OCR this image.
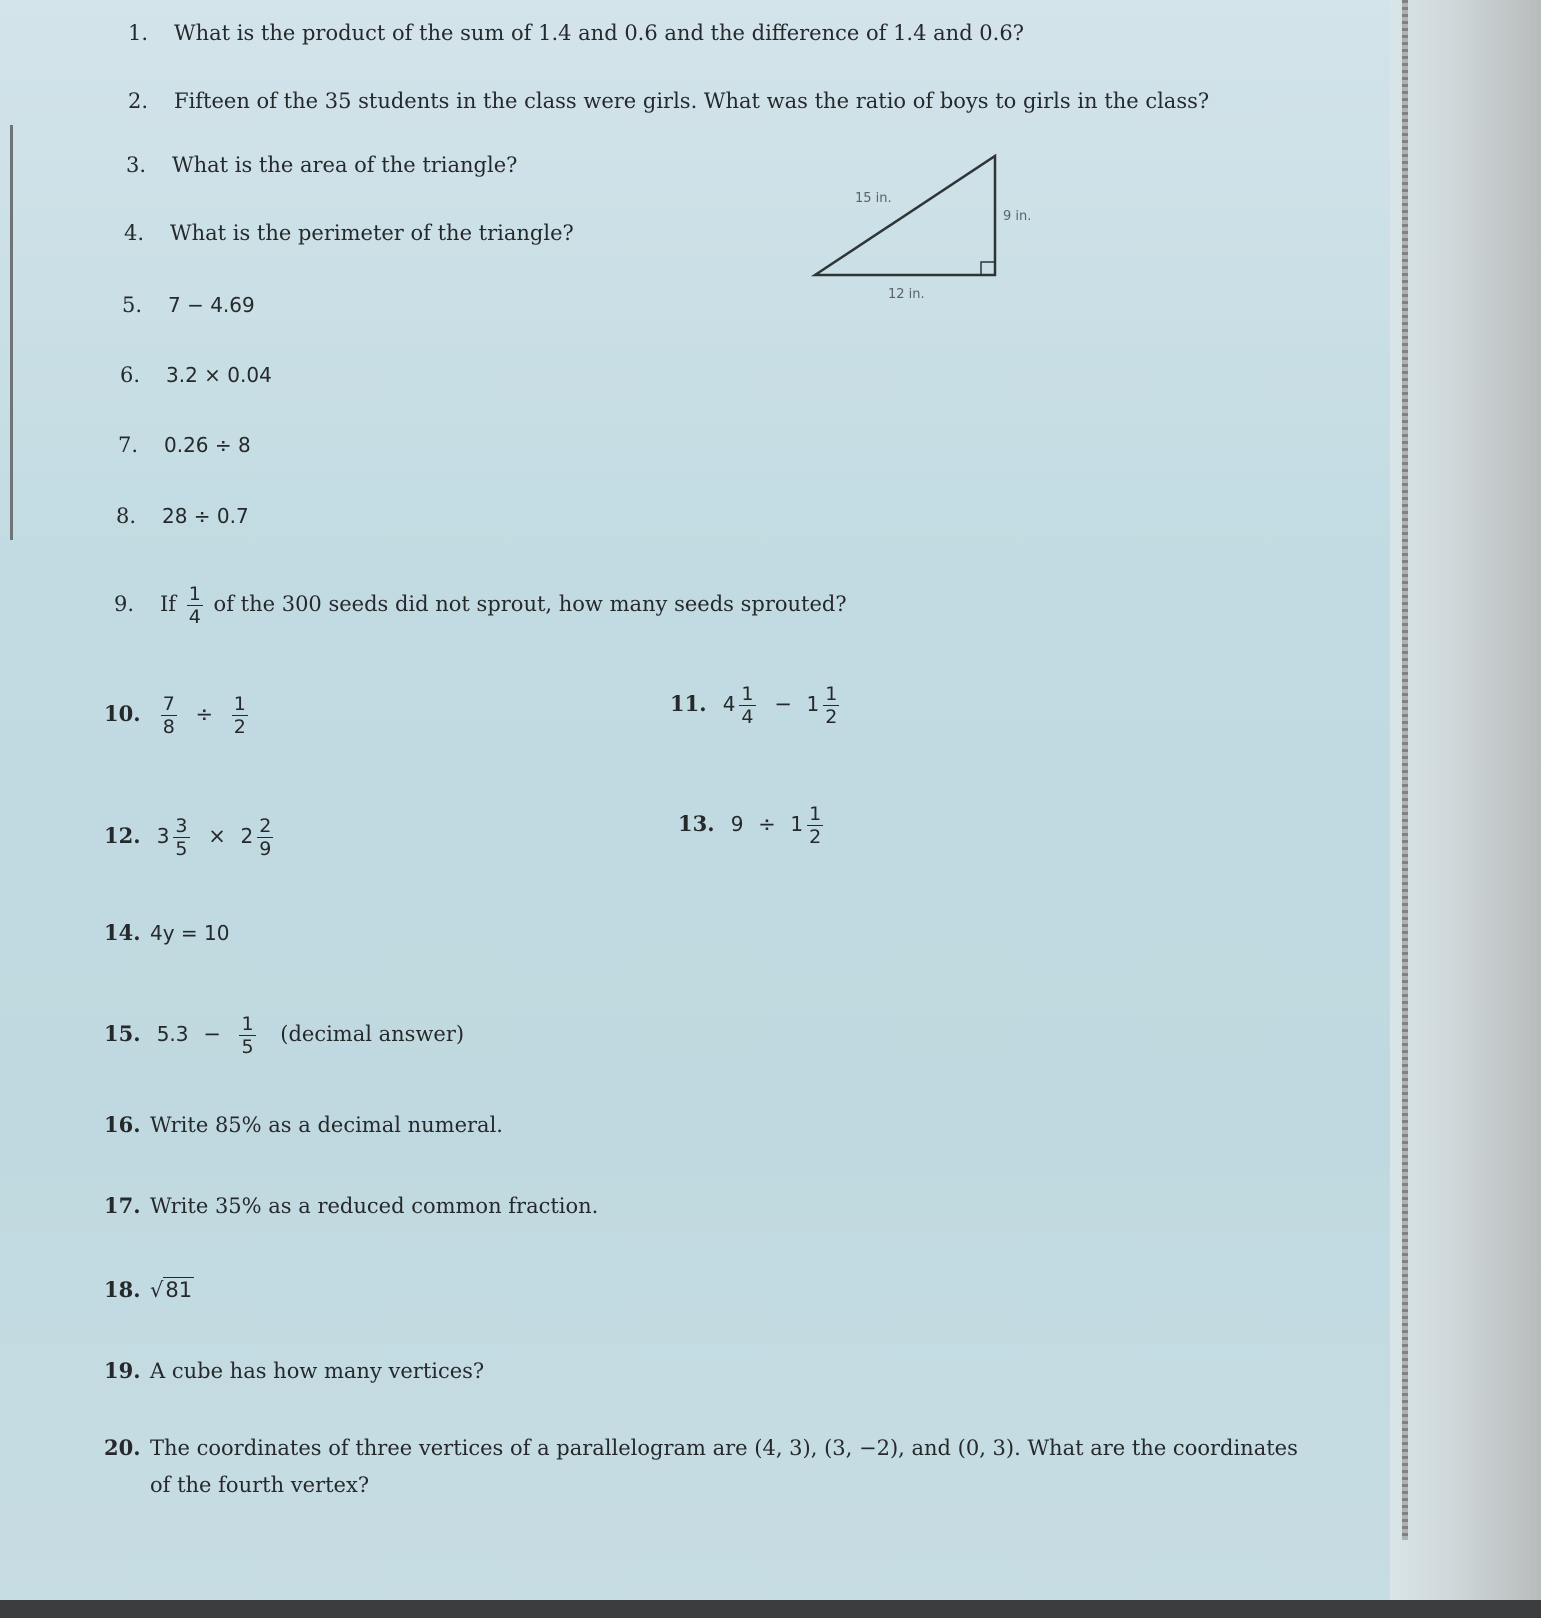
1. What is the product of the sum of 1.4 and 0.6 and the difference of 1.4 and 0.6?
2. Fifteen of the 35 students in the class were girls. What was the ratio of boys to girls in the class?
3. What is the area of the triangle?
4. What is the perimeter of the triangle?
15 in.
9 in.
12 in.
5. 7 − 4.69
6. 3.2 × 0.04
7. 0.26 ÷ 8
8. 28 ÷ 0.7
9. If $\frac{1}{4}$ of the 300 seeds did not sprout, how many seeds sprouted?
10. $\frac{7}{8} \div \frac{1}{2}$	11. $4 \frac{1}{4} - 1 \frac{1}{2}$
12. $3 \frac{3}{5} \times 2 \frac{2}{9}$	13. $9 \div 1 \frac{1}{2}$
14. 4y = 10
15. $5.3 - \frac{1}{5}$ (decimal answer)
16. Write 85% as a decimal numeral.
17. Write 35% as a reduced common fraction.
18. √81
19. A cube has how many vertices?
20. The coordinates of three vertices of a parallelogram are (4, 3), (3, −2), and (0, 3). What are the coordinates
of the fourth vertex?
